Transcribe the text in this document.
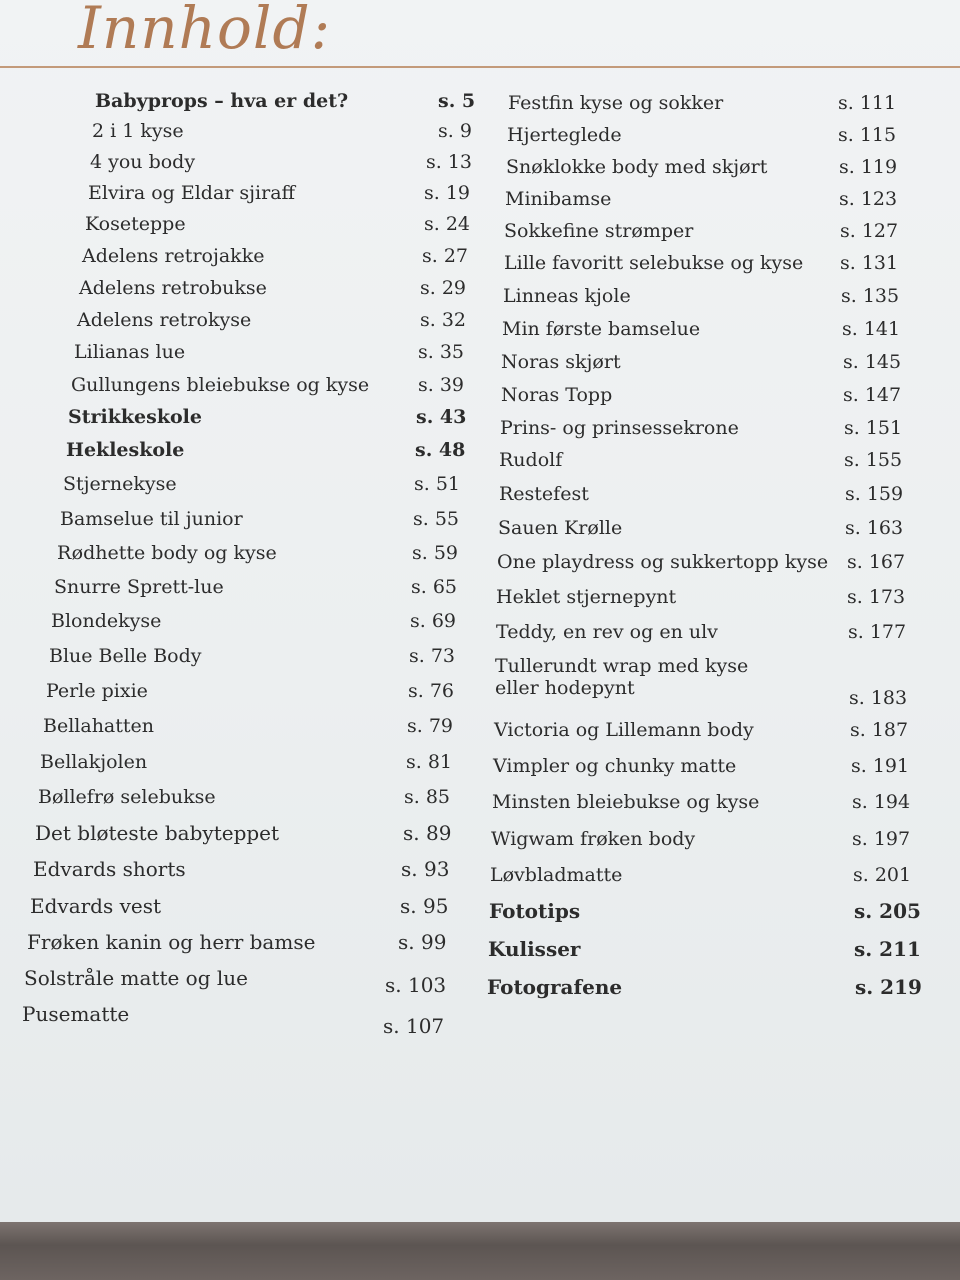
Innhold:
Babyprops – hva er det?	s. 5
2 i 1 kyse	s. 9
4 you body	s. 13
Elvira og Eldar sjiraff	s. 19
Koseteppe	s. 24
Adelens retrojakke	s. 27
Adelens retrobukse	s. 29
Adelens retrokyse	s. 32
Lilianas lue	s. 35
Gullungens bleiebukse og kyse	s. 39
Strikkeskole	s. 43
Hekleskole	s. 48
Stjernekyse	s. 51
Bamselue til junior	s. 55
Rødhette body og kyse	s. 59
Snurre Sprett-lue	s. 65
Blondekyse	s. 69
Blue Belle Body	s. 73
Perle pixie	s. 76
Bellahatten	s. 79
Bellakjolen	s. 81
Bøllefrø selebukse	s. 85
Det bløteste babyteppet	s. 89
Edvards shorts	s. 93
Edvards vest	s. 95
Frøken kanin og herr bamse	s. 99
Solstråle matte og lue	s. 103
Pusematte	s. 107
Festfin kyse og sokker	s. 111
Hjerteglede	s. 115
Snøklokke body med skjørt	s. 119
Minibamse	s. 123
Sokkefine strømper	s. 127
Lille favoritt selebukse og kyse s. 131
Linneas kjole	s. 135
Min første bamselue	s. 141
Noras skjørt	s. 145
Noras Topp	s. 147
Prins- og prinsessekrone	s. 151
Rudolf	s. 155
Restefest	s. 159
Sauen Krølle	s. 163
One playdress og sukkertopp kyse s. 167
Heklet stjernepynt	s. 173
Teddy, en rev og en ulv	s. 177
Tullerundt wrap med kyse
eller hodepynt	s. 183
Victoria og Lillemann body	s. 187
Vimpler og chunky matte	s. 191
Minsten bleiebukse og kyse	s. 194
Wigwam frøken body	s. 197
Løvbladmatte	s. 201
Fototips	s. 205
Kulisser	s. 211
Fotografene	s. 219
